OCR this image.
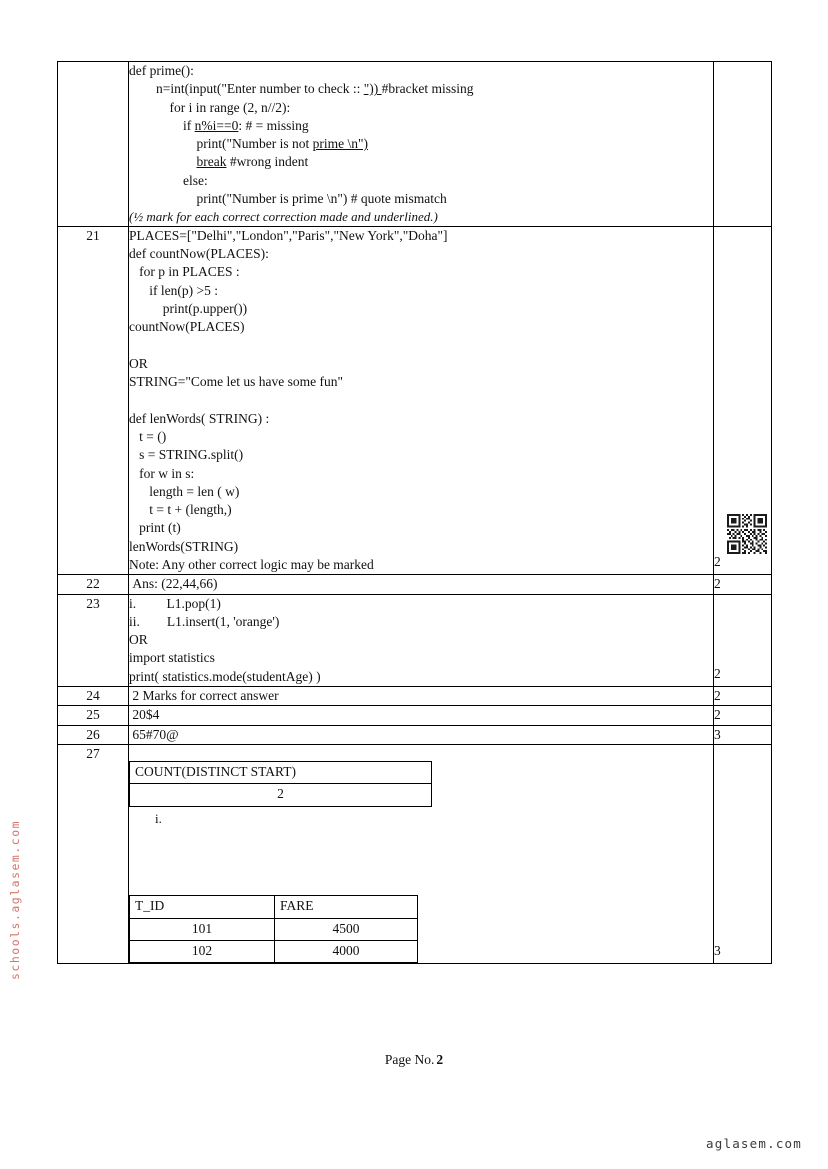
schools.aglasem.com

def prime():
n=int(input("Enter number to check :: ")) #bracket missing
for i in range (2, n//2):
if n%i==0: # = missing
print("Number is not prime \n")
break #wrong indent
else:
print("Number is prime \n") # quote mismatch
(½ mark for each correct correction made and underlined.)

21	PLACES=["Delhi","London","Paris","New York","Doha"]
def countNow(PLACES):
for p in PLACES :
if len(p) >5 :
print(p.upper())
countNow(PLACES)

OR
STRING="Come let us have some fun"

def lenWords( STRING) :
t = ()
s = STRING.split()
for w in s:
length = len ( w)
t = t + (length,)
print (t)
lenWords(STRING)
Note: Any other correct logic may be marked	2
22	Ans: (22,44,66)	2
23	i.         L1.pop(1)
ii.        L1.insert(1, 'orange')
OR
import statistics
print( statistics.mode(studentAge) )	2
24	2 Marks for correct answer	2
25	20$4	2
26	65#70@	3
27	
COUNT(DISTINCT START)
2
i.
T_ID	FARE
101	4500
102	4000
		3
Page No. 2
aglasem.com
